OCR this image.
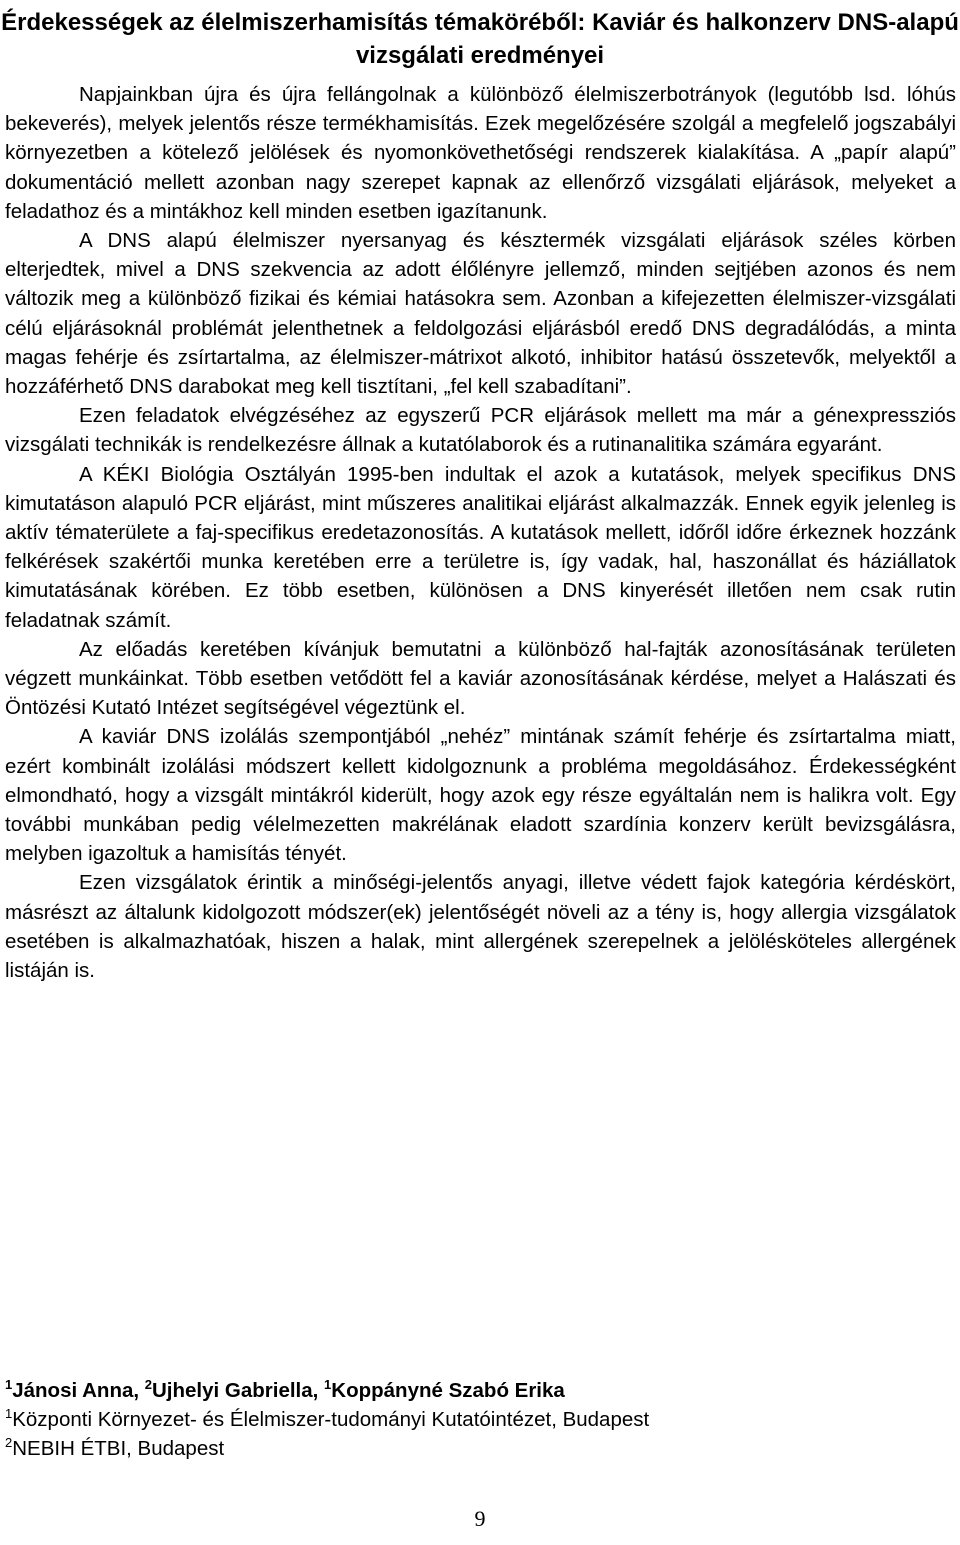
Érdekességek az élelmiszerhamisítás témaköréből: Kaviár és halkonzerv DNS-alapú vizsgálati eredményei

Napjainkban újra és újra fellángolnak a különböző élelmiszerbotrányok (legutóbb lsd. lóhús bekeverés), melyek jelentős része termékhamisítás. Ezek megelőzésére szolgál a megfelelő jogszabályi környezetben a kötelező jelölések és nyomonkövethetőségi rendszerek kialakítása. A „papír alapú” dokumentáció mellett azonban nagy szerepet kapnak az ellenőrző vizsgálati eljárások, melyeket a feladathoz és a mintákhoz kell minden esetben igazítanunk.

A DNS alapú élelmiszer nyersanyag és késztermék vizsgálati eljárások széles körben elterjedtek, mivel a DNS szekvencia az adott élőlényre jellemző, minden sejtjében azonos és nem változik meg a különböző fizikai és kémiai hatásokra sem. Azonban a kifejezetten élelmiszer-vizsgálati célú eljárásoknál problémát jelenthetnek a feldolgozási eljárásból eredő DNS degradálódás, a minta magas fehérje és zsírtartalma, az élelmiszer-mátrixot alkotó, inhibitor hatású összetevők, melyektől a hozzáférhető DNS darabokat meg kell tisztítani, „fel kell szabadítani”.

Ezen feladatok elvégzéséhez az egyszerű PCR eljárások mellett ma már a génexpressziós vizsgálati technikák is rendelkezésre állnak a kutatólaborok és a rutinanalitika számára egyaránt.

A KÉKI Biológia Osztályán 1995-ben indultak el azok a kutatások, melyek specifikus DNS kimutatáson alapuló PCR eljárást, mint műszeres analitikai eljárást alkalmazzák. Ennek egyik jelenleg is aktív tématerülete a faj-specifikus eredetazonosítás. A kutatások mellett, időről időre érkeznek hozzánk felkérések szakértői munka keretében erre a területre is, így vadak, hal, haszonállat és háziállatok kimutatásának körében. Ez több esetben, különösen a DNS kinyerését illetően nem csak rutin feladatnak számít.

Az előadás keretében kívánjuk bemutatni a különböző hal-fajták azonosításának területen végzett munkáinkat. Több esetben vetődött fel a kaviár azonosításának kérdése, melyet a Halászati és Öntözési Kutató Intézet segítségével végeztünk el.

A kaviár DNS izolálás szempontjából „nehéz” mintának számít fehérje és zsírtartalma miatt, ezért kombinált izolálási módszert kellett kidolgoznunk a probléma megoldásához. Érdekességként elmondható, hogy a vizsgált mintákról kiderült, hogy azok egy része egyáltalán nem is halikra volt. Egy további munkában pedig vélelmezetten makrélának eladott szardínia konzerv került bevizsgálásra, melyben igazoltuk a hamisítás tényét.

Ezen vizsgálatok érintik a minőségi-jelentős anyagi, illetve védett fajok kategória kérdéskört, másrészt az általunk kidolgozott módszer(ek) jelentőségét növeli az a tény is, hogy allergia vizsgálatok esetében is alkalmazhatóak, hiszen a halak, mint allergének szerepelnek a jelölésköteles allergének listáján is.

$^1$Jánosi Anna, $^2$Ujhelyi Gabriella, $^1$Koppányné Szabó Erika
$^1$Központi Környezet- és Élelmiszer-tudományi Kutatóintézet, Budapest
$^2$NEBIH ÉTBI, Budapest
9
